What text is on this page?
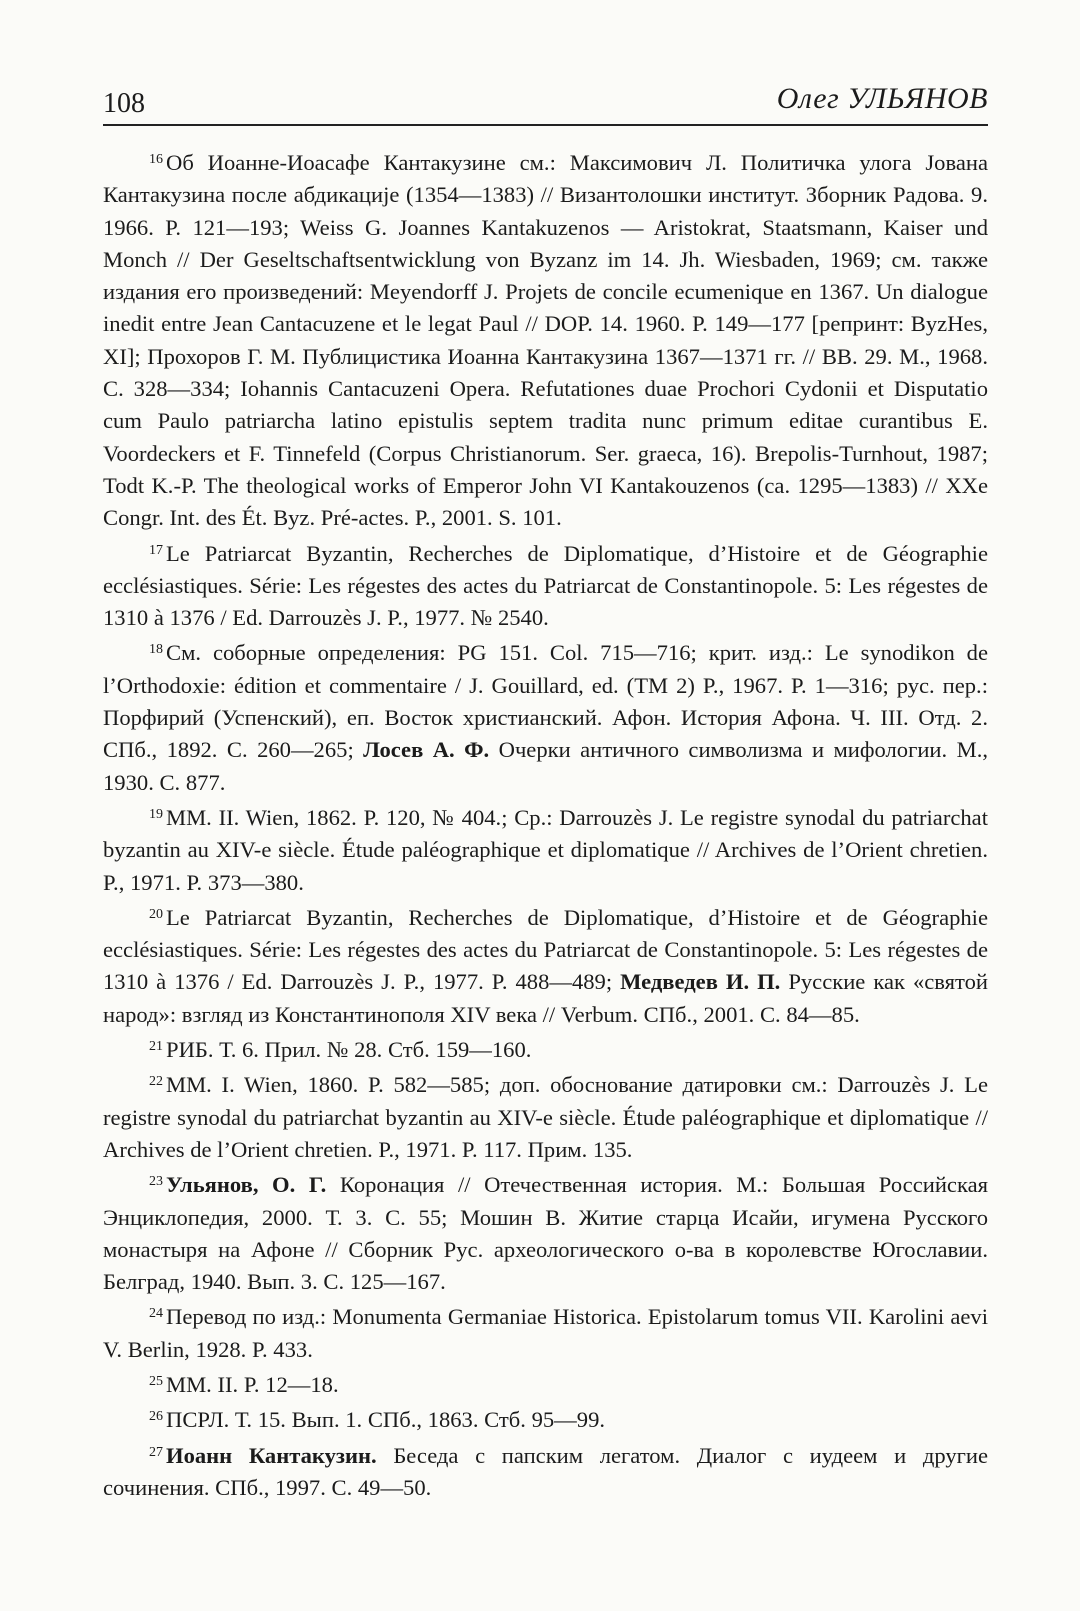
108	Олег УЛЬЯНОВ

$^{16}$ Об Иоанне-Иоасафе Кантакузине см.: Максимович Л. Политичка улога Јована Кантакузина после абдикације (1354—1383) // Византолошки институт. Зборник Радова. 9. 1966. P. 121—193; Weiss G. Joannes Kantakuzenos — Aristokrat, Staatsmann, Kaiser und Monch // Der Geseltschaftsentwicklung von Byzanz im 14. Jh. Wiesbaden, 1969; см. также издания его произведений: Meyendorff J. Projets de concile ecumenique en 1367. Un dialogue inedit entre Jean Cantacuzene et le legat Paul // DOP. 14. 1960. P. 149—177 [репринт: ByzHes, XI]; Прохоров Г. М. Публицистика Иоанна Кантакузина 1367—1371 гг. // ВВ. 29. М., 1968. С. 328—334; Iohannis Cantacuzeni Opera. Refutationes duae Prochori Cydonii et Disputatio cum Paulo patriarcha latino epistulis septem tradita nunc primum editae curantibus E. Voordeckers et F. Tinnefeld (Corpus Christianorum. Ser. graeca, 16). Brepolis-Turnhout, 1987; Todt K.-P. The theological works of Emperor John VI Kantakouzenos (ca. 1295—1383) // XXe Congr. Int. des Ét. Byz. Pré-actes. P., 2001. S. 101.

$^{17}$ Le Patriarcat Byzantin, Recherches de Diplomatique, d’Histoire et de Géographie ecclésiastiques. Série: Les régestes des actes du Patriarcat de Constantinopole. 5: Les régestes de 1310 à 1376 / Ed. Darrouzès J. P., 1977. № 2540.

$^{18}$ См. соборные определения: PG 151. Col. 715—716; крит. изд.: Le synodikon de l’Orthodoxie: édition et commentaire / J. Gouillard, ed. (TM 2) P., 1967. P. 1—316; рус. пер.: Порфирий (Успенский), еп. Восток христианский. Афон. История Афона. Ч. III. Отд. 2. СПб., 1892. С. 260—265; Лосев А. Ф. Очерки античного символизма и мифологии. М., 1930. С. 877.

$^{19}$ MM. II. Wien, 1862. P. 120, № 404.; Ср.: Darrouzès J. Le registre synodal du patriarchat byzantin au XIV-e siècle. Étude paléographique et diplomatique // Archives de l’Orient chretien. P., 1971. P. 373—380.

$^{20}$ Le Patriarcat Byzantin, Recherches de Diplomatique, d’Histoire et de Géographie ecclésiastiques. Série: Les régestes des actes du Patriarcat de Constantinopole. 5: Les régestes de 1310 à 1376 / Ed. Darrouzès J. P., 1977. P. 488—489; Медведев И. П. Русские как «святой народ»: взгляд из Константинополя XIV века // Verbum. СПб., 2001. С. 84—85.

$^{21}$ РИБ. Т. 6. Прил. № 28. Стб. 159—160.

$^{22}$ MM. I. Wien, 1860. P. 582—585; доп. обоснование датировки см.: Darrouzès J. Le registre synodal du patriarchat byzantin au XIV-e siècle. Étude paléographique et diplomatique // Archives de l’Orient chretien. P., 1971. P. 117. Прим. 135.

$^{23}$ Ульянов, О. Г. Коронация // Отечественная история. М.: Большая Российская Энциклопедия, 2000. Т. 3. С. 55; Мошин В. Житие старца Исайи, игумена Русского монастыря на Афоне // Сборник Рус. археологического о-ва в королевстве Югославии. Белград, 1940. Вып. 3. С. 125—167.

$^{24}$ Перевод по изд.: Monumenta Germaniae Historica. Epistolarum tomus VII. Karolini aevi V. Berlin, 1928. P. 433.

$^{25}$ MM. II. P. 12—18.

$^{26}$ ПСРЛ. Т. 15. Вып. 1. СПб., 1863. Стб. 95—99.

$^{27}$ Иоанн Кантакузин. Беседа с папским легатом. Диалог с иудеем и другие сочинения. СПб., 1997. С. 49—50.
